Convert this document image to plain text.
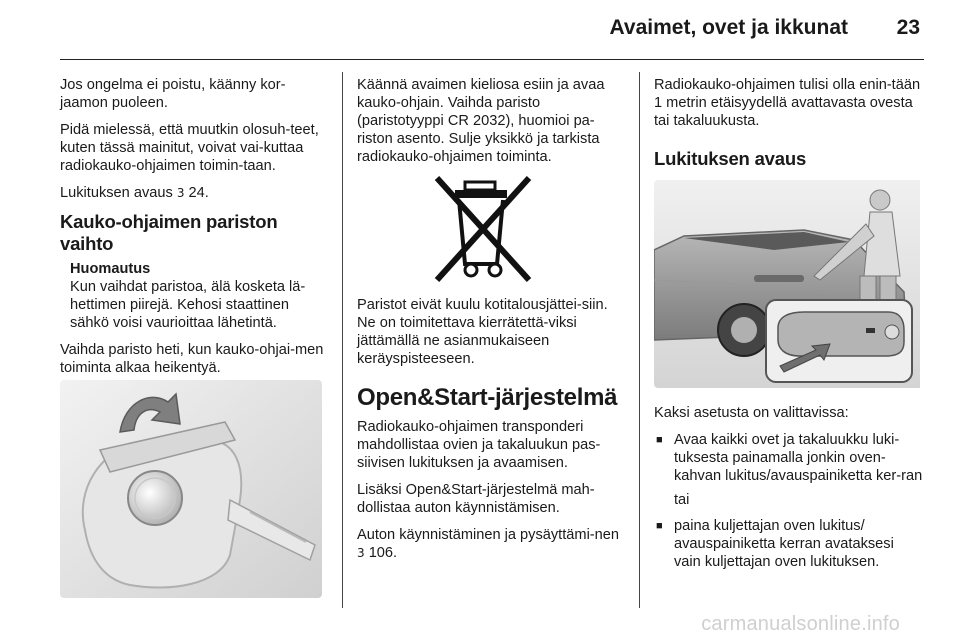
Avaimet, ovet ja ikkunat 23

Jos ongelma ei poistu, käänny kor-jaamon puoleen.

Pidä mielessä, että muutkin olosuh-teet, kuten tässä mainitut, voivat vai-kuttaa radiokauko-ohjaimen toimin-taan.

Lukituksen avaus 3 24.

Kauko-ohjaimen pariston vaihto
Huomautus
Kun vaihdat paristoa, älä kosketa lä-hettimen piirejä. Kehosi staattinen sähkö voisi vaurioittaa lähetintä.

Vaihda paristo heti, kun kauko-ohjai-men toiminta alkaa heikentyä.

Käännä avaimen kieliosa esiin ja avaa kauko-ohjain. Vaihda paristo (paristotyyppi CR 2032), huomioi pa-riston asento. Sulje yksikkö ja tarkista radiokauko-ohjaimen toiminta.

Paristot eivät kuulu kotitalousjättei-siin. Ne on toimitettava kierrätettä-viksi jättämällä ne asianmukaiseen keräyspisteeseen.

Open&Start-järjestelmä

Radiokauko-ohjaimen transponderi mahdollistaa ovien ja takaluukun pas-siivisen lukituksen ja avaamisen.

Lisäksi Open&Start-järjestelmä mah-dollistaa auton käynnistämisen.

Auton käynnistäminen ja pysäyttämi-nen 3 106.

Radiokauko-ohjaimen tulisi olla enin-tään 1 metrin etäisyydellä avattavasta ovesta tai takaluukusta.

Lukituksen avaus

Kaksi asetusta on valittavissa:

■ Avaa kaikki ovet ja takaluukku luki-tuksesta painamalla jonkin oven-kahvan lukitus/avauspainiketta ker-ran
tai
■ paina kuljettajan oven lukitus/ avauspainiketta kerran avataksesi vain kuljettajan oven lukituksen.
carmanualsonline.info
